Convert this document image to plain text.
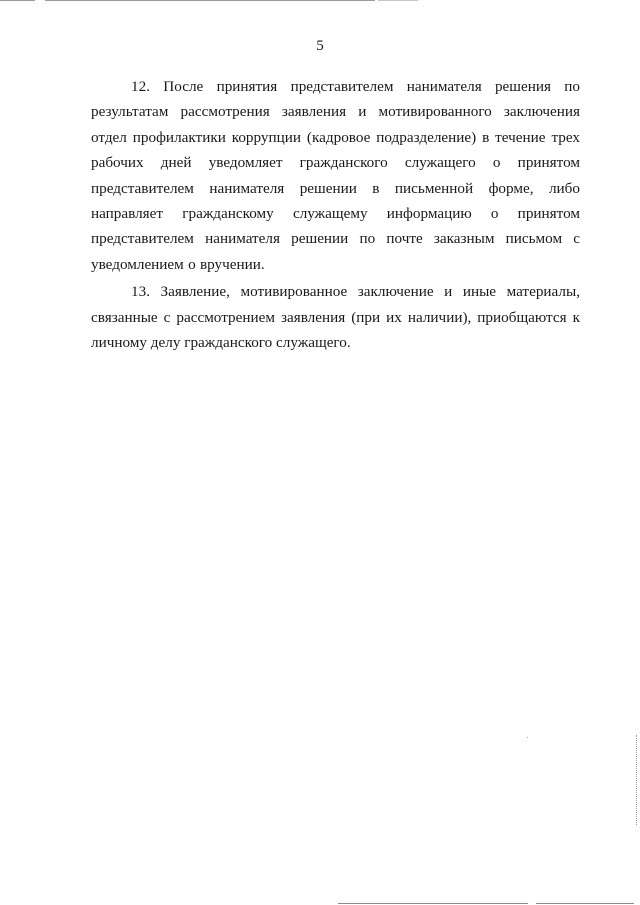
5

12. После принятия представителем нанимателя решения по результатам рассмотрения заявления и мотивированного заключения отдел профилактики коррупции (кадровое подразделение) в течение трех рабочих дней уведомляет гражданского служащего о принятом представителем нанимателя решении в письменной форме, либо направляет гражданскому служащему информацию о принятом представителем нанимателя решении по почте заказным письмом с уведомлением о вручении.

13. Заявление, мотивированное заключение и иные материалы, связанные с рассмотрением заявления (при их наличии), приобщаются к личному делу гражданского служащего.
